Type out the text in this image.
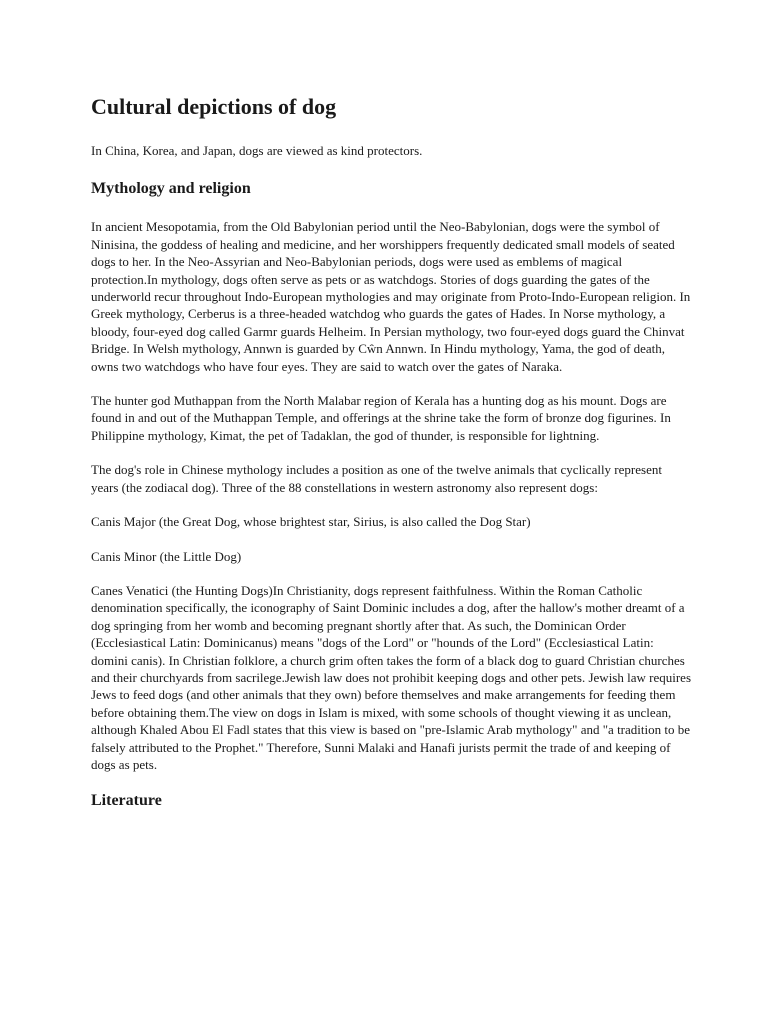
Cultural depictions of dog

In China, Korea, and Japan, dogs are viewed as kind protectors.

Mythology and religion

In ancient Mesopotamia, from the Old Babylonian period until the Neo-Babylonian, dogs were the symbol of Ninisina, the goddess of healing and medicine, and her worshippers frequently dedicated small models of seated dogs to her. In the Neo-Assyrian and Neo-Babylonian periods, dogs were used as emblems of magical protection.In mythology, dogs often serve as pets or as watchdogs. Stories of dogs guarding the gates of the underworld recur throughout Indo-European mythologies and may originate from Proto-Indo-European religion. In Greek mythology, Cerberus is a three-headed watchdog who guards the gates of Hades. In Norse mythology, a bloody, four-eyed dog called Garmr guards Helheim. In Persian mythology, two four-eyed dogs guard the Chinvat Bridge. In Welsh mythology, Annwn is guarded by Cŵn Annwn. In Hindu mythology, Yama, the god of death, owns two watchdogs who have four eyes. They are said to watch over the gates of Naraka.

The hunter god Muthappan from the North Malabar region of Kerala has a hunting dog as his mount. Dogs are found in and out of the Muthappan Temple, and offerings at the shrine take the form of bronze dog figurines. In Philippine mythology, Kimat, the pet of Tadaklan, the god of thunder, is responsible for lightning.

The dog's role in Chinese mythology includes a position as one of the twelve animals that cyclically represent years (the zodiacal dog). Three of the 88 constellations in western astronomy also represent dogs:

Canis Major (the Great Dog, whose brightest star, Sirius, is also called the Dog Star)

Canis Minor (the Little Dog)

Canes Venatici (the Hunting Dogs)In Christianity, dogs represent faithfulness. Within the Roman Catholic denomination specifically, the iconography of Saint Dominic includes a dog, after the hallow's mother dreamt of a dog springing from her womb and becoming pregnant shortly after that. As such, the Dominican Order (Ecclesiastical Latin: Dominicanus) means "dogs of the Lord" or "hounds of the Lord" (Ecclesiastical Latin: domini canis). In Christian folklore, a church grim often takes the form of a black dog to guard Christian churches and their churchyards from sacrilege.Jewish law does not prohibit keeping dogs and other pets. Jewish law requires Jews to feed dogs (and other animals that they own) before themselves and make arrangements for feeding them before obtaining them.The view on dogs in Islam is mixed, with some schools of thought viewing it as unclean, although Khaled Abou El Fadl states that this view is based on "pre-Islamic Arab mythology" and "a tradition to be falsely attributed to the Prophet." Therefore, Sunni Malaki and Hanafi jurists permit the trade of and keeping of dogs as pets.

Literature
